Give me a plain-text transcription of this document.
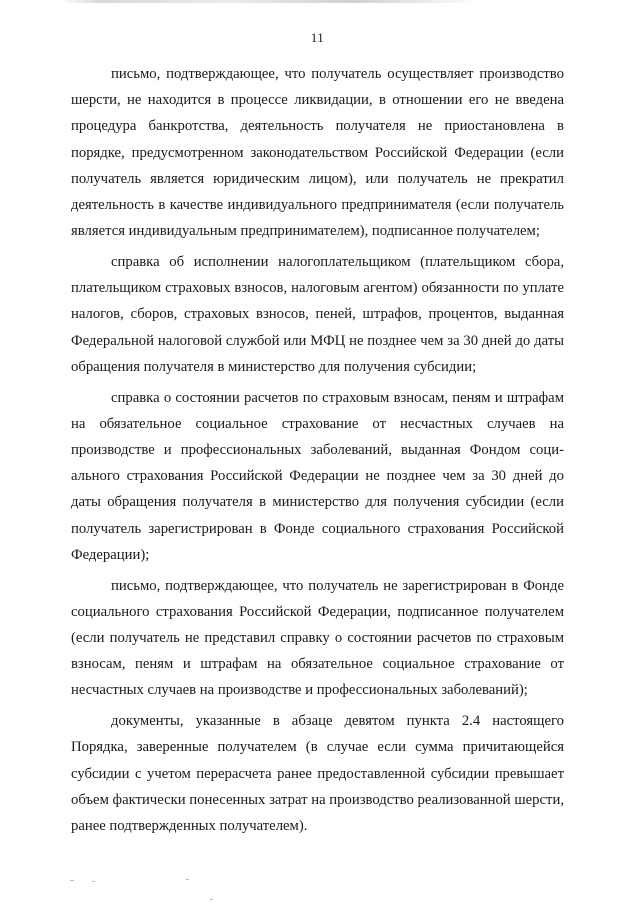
11

письмо, подтверждающее, что получатель осуществляет производство шерсти, не находится в процессе ликвидации, в отношении его не введена процедура банкротства, деятельность получателя не приостановлена в порядке, предусмотренном законодательством Российской Федерации (если получатель является юридическим лицом), или получатель не прекратил деятельность в качестве индивидуального предпринимателя (если получатель является индивидуальным предпринимателем), подписанное получателем;

справка об исполнении налогоплательщиком (плательщиком сбора, плательщиком страховых взносов, налоговым агентом) обязанности по уплате налогов, сборов, страховых взносов, пеней, штрафов, процентов, выданная Федеральной налоговой службой или МФЦ не позднее чем за 30 дней до даты обращения получателя в министерство для получения субсидии;

справка о состоянии расчетов по страховым взносам, пеням и штрафам на обязательное социальное страхование от несчастных случаев на производстве и профессиональных заболеваний, выданная Фондом социального страхования Российской Федерации не позднее чем за 30 дней до даты обращения получателя в министерство для получения субсидии (если получатель зарегистрирован в Фонде социального страхования Российской Федерации);

письмо, подтверждающее, что получатель не зарегистрирован в Фонде социального страхования Российской Федерации, подписанное получателем (если получатель не представил справку о состоянии расчетов по страховым взносам, пеням и штрафам на обязательное социальное страхование от несчастных случаев на производстве и профессиональных заболеваний);

документы, указанные в абзаце девятом пункта 2.4 настоящего Порядка, заверенные получателем (в случае если сумма причитающейся субсидии с учетом перерасчета ранее предоставленной субсидии превышает объем фактически понесенных затрат на производство реализованной шерсти, ранее подтвержденных получателем).
